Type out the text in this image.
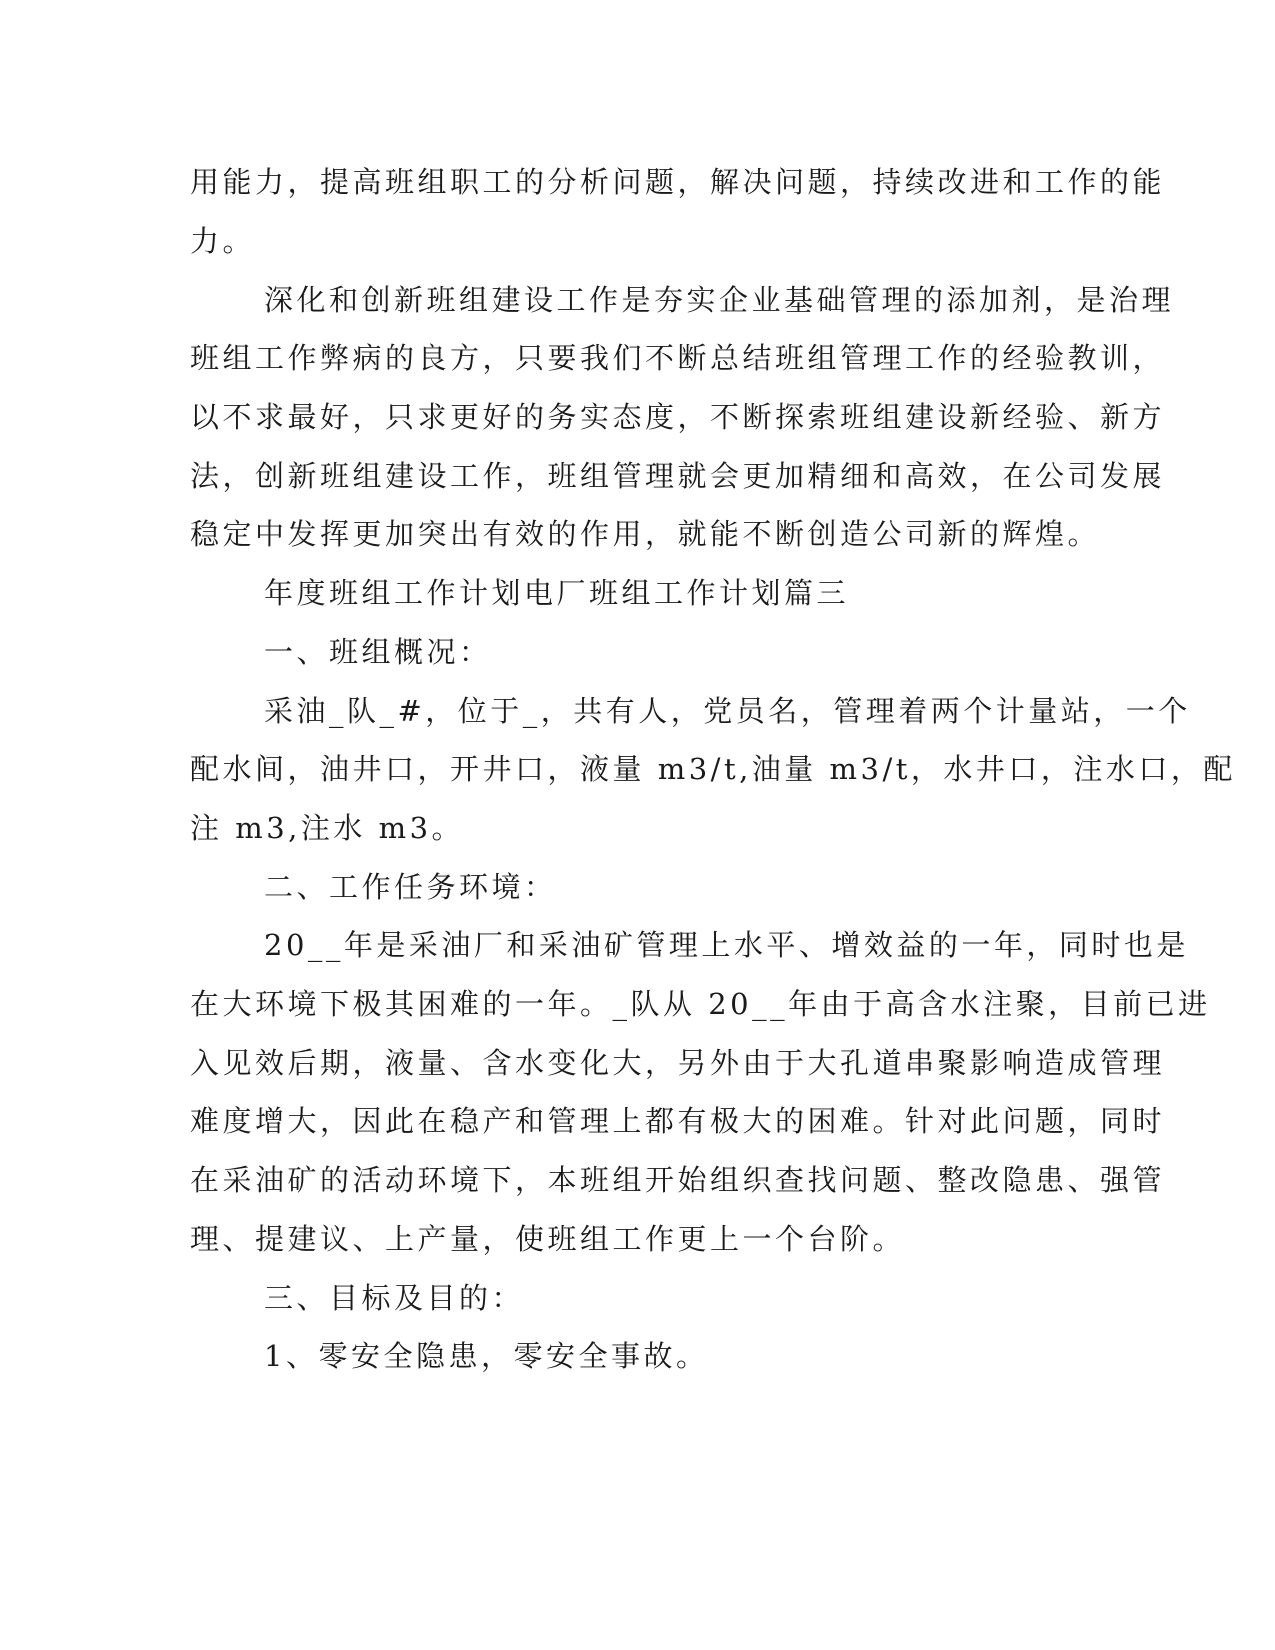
用能力，提高班组职工的分析问题，解决问题，持续改进和工作的能
力。
深化和创新班组建设工作是夯实企业基础管理的添加剂，是治理
班组工作弊病的良方，只要我们不断总结班组管理工作的经验教训，
以不求最好，只求更好的务实态度，不断探索班组建设新经验、新方
法，创新班组建设工作，班组管理就会更加精细和高效，在公司发展
稳定中发挥更加突出有效的作用，就能不断创造公司新的辉煌。
年度班组工作计划电厂班组工作计划篇三
一、班组概况：
采油_队_#，位于_，共有人，党员名，管理着两个计量站，一个
配水间，油井口，开井口，液量 m3/t,油量 m3/t，水井口，注水口，配
注 m3,注水 m3。
二、工作任务环境：
20__年是采油厂和采油矿管理上水平、增效益的一年，同时也是
在大环境下极其困难的一年。_队从 20__年由于高含水注聚，目前已进
入见效后期，液量、含水变化大，另外由于大孔道串聚影响造成管理
难度增大，因此在稳产和管理上都有极大的困难。针对此问题，同时
在采油矿的活动环境下，本班组开始组织查找问题、整改隐患、强管
理、提建议、上产量，使班组工作更上一个台阶。
三、目标及目的：
1、零安全隐患，零安全事故。
